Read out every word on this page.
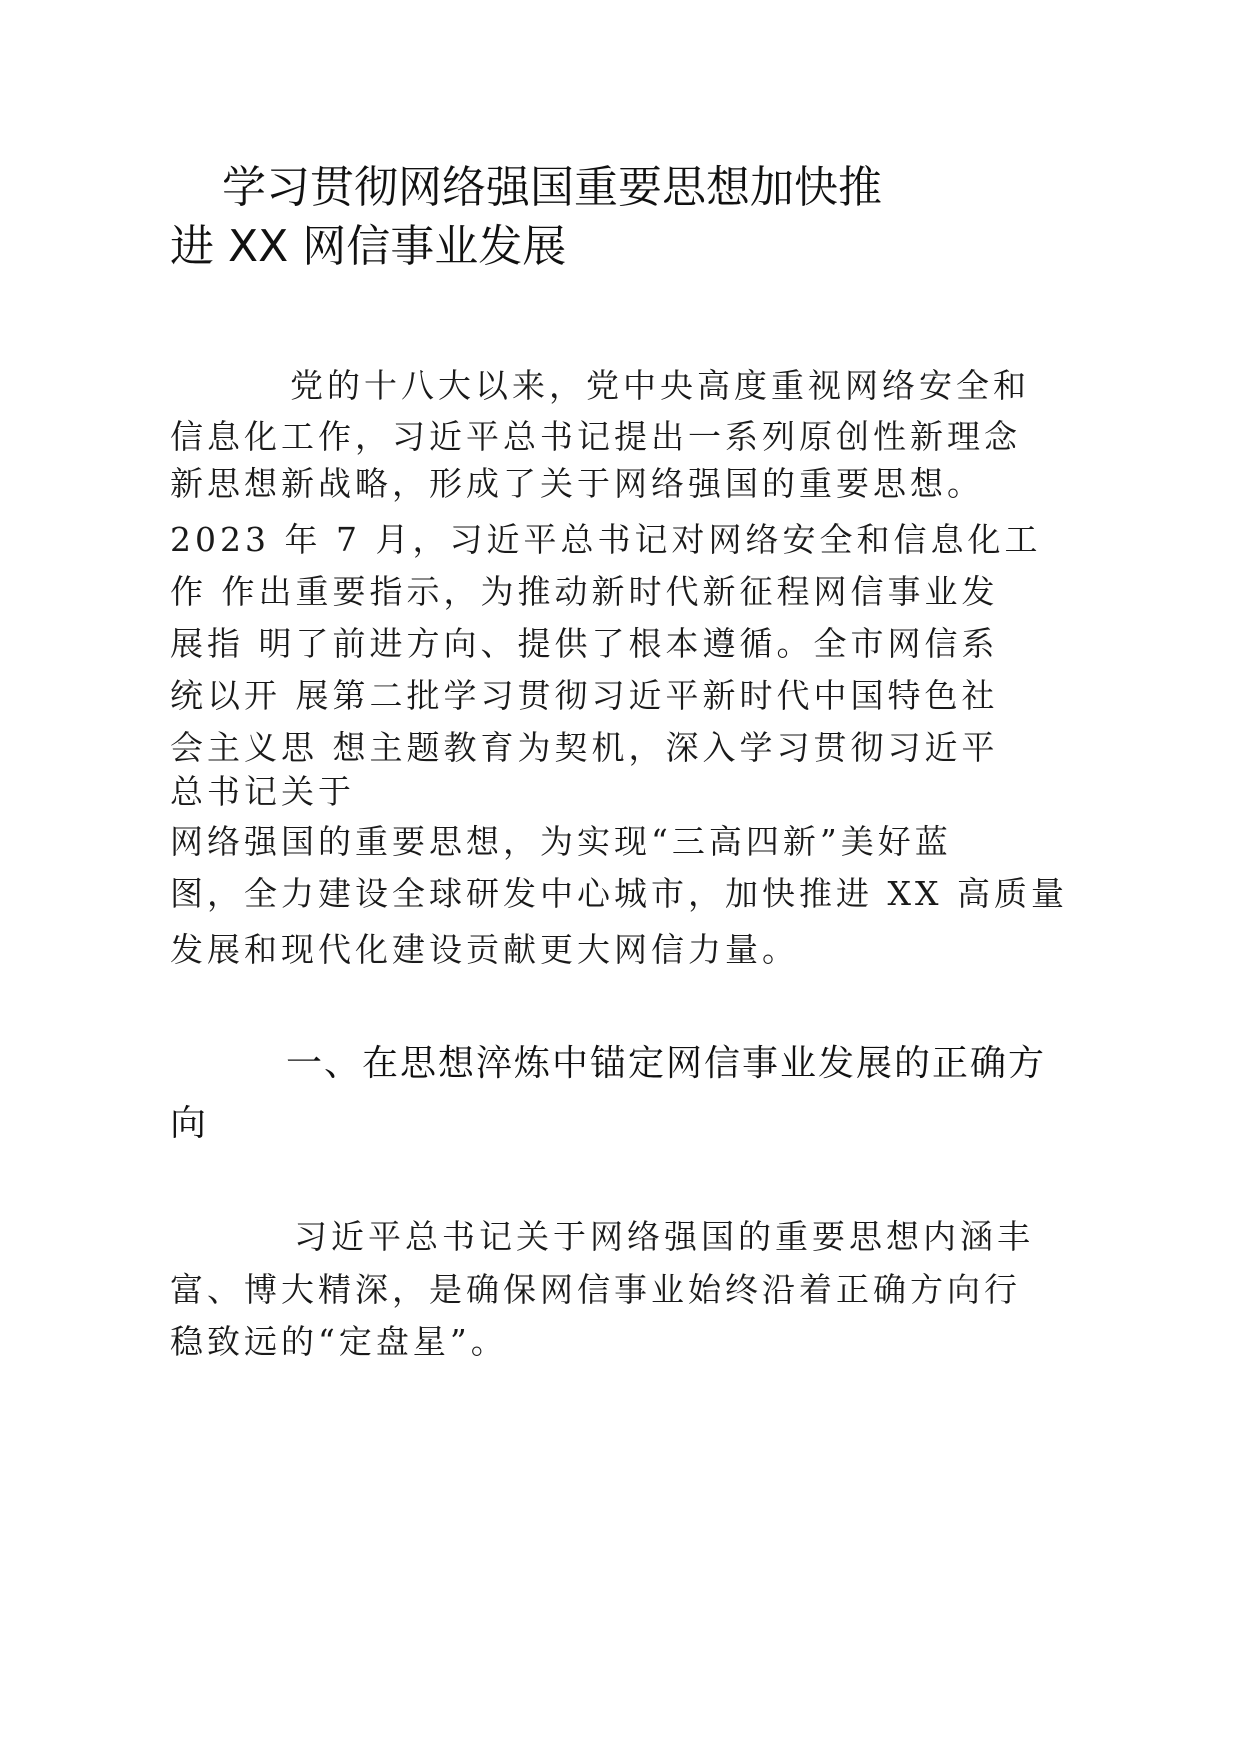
学习贯彻网络强国重要思想加快推
进 XX 网信事业发展
党的十八大以来，党中央高度重视网络安全和
信息化工作，习近平总书记提出一系列原创性新理念
新思想新战略，形成了关于网络强国的重要思想。
2023 年 7 月，习近平总书记对网络安全和信息化工
作 作出重要指示，为推动新时代新征程网信事业发
展指 明了前进方向、提供了根本遵循。全市网信系
统以开 展第二批学习贯彻习近平新时代中国特色社
会主义思 想主题教育为契机，深入学习贯彻习近平
总书记关于
网络强国的重要思想，为实现“三高四新”美好蓝
图，全力建设全球研发中心城市，加快推进 XX 高质量
发展和现代化建设贡献更大网信力量。
一、在思想淬炼中锚定网信事业发展的正确方
向
习近平总书记关于网络强国的重要思想内涵丰
富、博大精深，是确保网信事业始终沿着正确方向行
稳致远的“定盘星”。
